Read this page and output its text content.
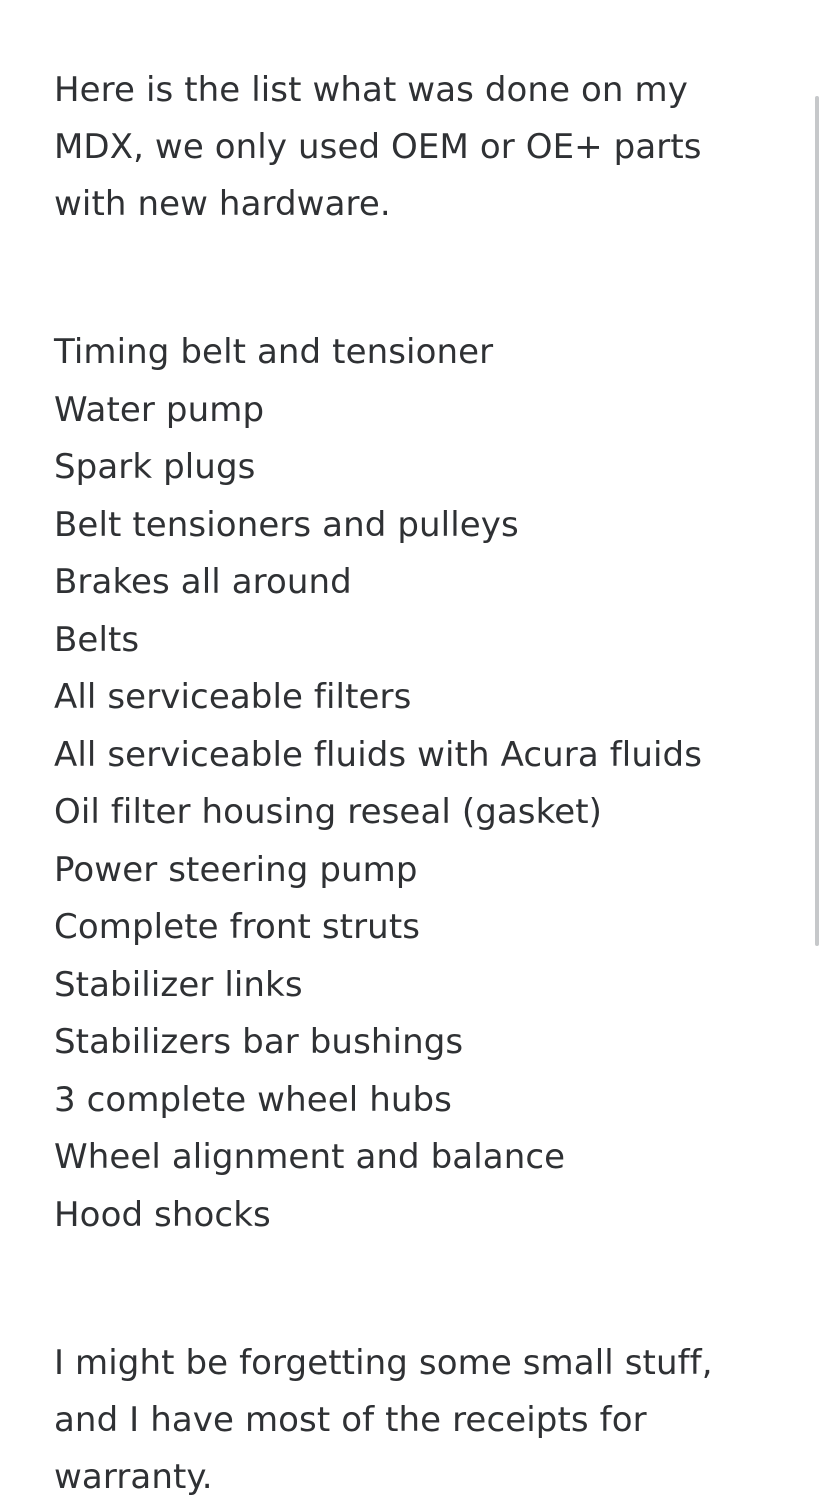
Here is the list what was done on my MDX, we only used OEM or OE+ parts with new hardware.

Timing belt and tensioner
Water pump
Spark plugs
Belt tensioners and pulleys
Brakes all around
Belts
All serviceable filters
All serviceable fluids with Acura fluids
Oil filter housing reseal (gasket)
Power steering pump
Complete front struts
Stabilizer links
Stabilizers bar bushings
3 complete wheel hubs
Wheel alignment and balance
Hood shocks

I might be forgetting some small stuff, and I have most of the receipts for warranty.
